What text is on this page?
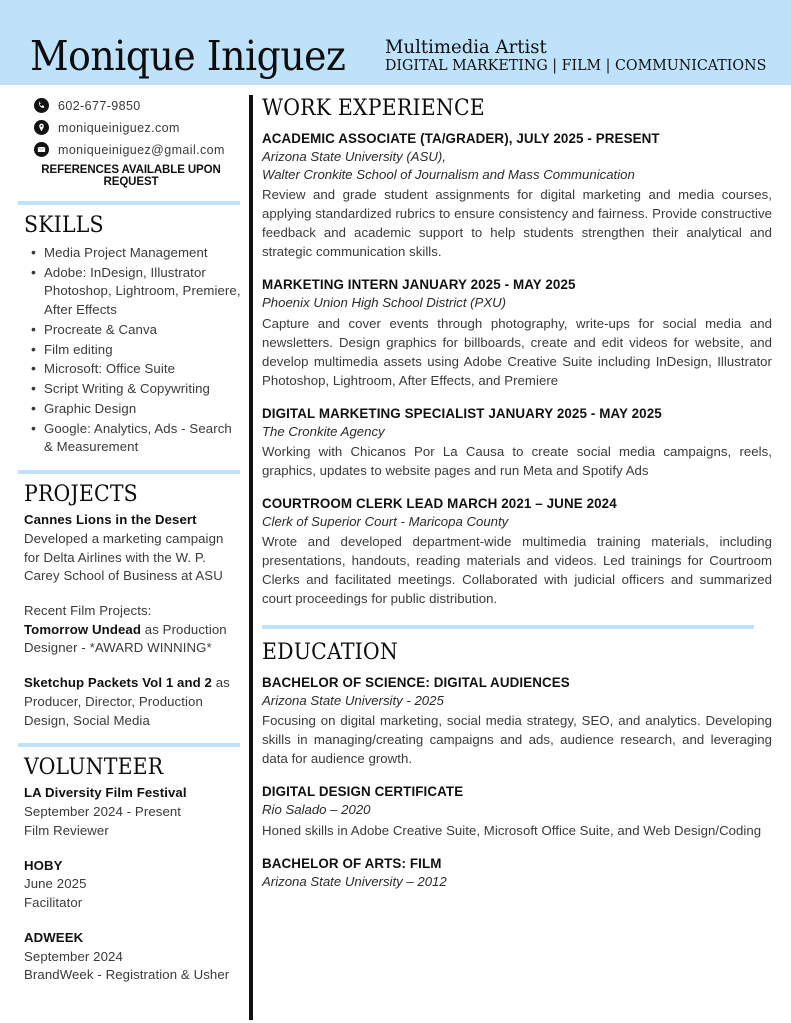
Monique Iniguez Multimedia Artist
DIGITAL MARKETING | FILM | COMMUNICATIONS
602-677-9850
moniqueiniguez.com
moniqueiniguez@gmail.com
REFERENCES AVAILABLE UPON REQUEST
SKILLS
• Media Project Management
• Adobe: InDesign, Illustrator Photoshop, Lightroom, Premiere, After Effects
• Procreate & Canva
• Film editing
• Microsoft: Office Suite
• Script Writing & Copywriting
• Graphic Design
• Google: Analytics, Ads - Search & Measurement
PROJECTS

Cannes Lions in the Desert

Developed a marketing campaign for Delta Airlines with the W. P. Carey School of Business at ASU

Recent Film Projects:

Tomorrow Undead as Production Designer - *AWARD WINNING*

Sketchup Packets Vol 1 and 2 as Producer, Director, Production Design, Social Media

VOLUNTEER

LA Diversity Film Festival

September 2024 - Present

Film Reviewer

HOBY

June 2025

Facilitator

ADWEEK

September 2024

BrandWeek - Registration & Usher

WORK EXPERIENCE
ACADEMIC ASSOCIATE (TA/GRADER), JULY 2025 - PRESENT
Arizona State University (ASU),
Walter Cronkite School of Journalism and Mass Communication
Review and grade student assignments for digital marketing and media courses, applying standardized rubrics to ensure consistency and fairness. Provide constructive feedback and academic support to help students strengthen their analytical and strategic communication skills.
MARKETING INTERN JANUARY 2025 - MAY 2025
Phoenix Union High School District (PXU)
Capture and cover events through photography, write-ups for social media and newsletters. Design graphics for billboards, create and edit videos for website, and develop multimedia assets using Adobe Creative Suite including InDesign, Illustrator Photoshop, Lightroom, After Effects, and Premiere
DIGITAL MARKETING SPECIALIST JANUARY 2025 - MAY 2025
The Cronkite Agency
Working with Chicanos Por La Causa to create social media campaigns, reels, graphics, updates to website pages and run Meta and Spotify Ads
COURTROOM CLERK LEAD MARCH 2021 – JUNE 2024
Clerk of Superior Court - Maricopa County
Wrote and developed department-wide multimedia training materials, including presentations, handouts, reading materials and videos. Led trainings for Courtroom Clerks and facilitated meetings. Collaborated with judicial officers and summarized court proceedings for public distribution.
EDUCATION
BACHELOR OF SCIENCE: DIGITAL AUDIENCES
Arizona State University - 2025
Focusing on digital marketing, social media strategy, SEO, and analytics. Developing skills in managing/creating campaigns and ads, audience research, and leveraging data for audience growth.
DIGITAL DESIGN CERTIFICATE
Rio Salado – 2020
Honed skills in Adobe Creative Suite, Microsoft Office Suite, and Web Design/Coding
BACHELOR OF ARTS: FILM
Arizona State University – 2012
